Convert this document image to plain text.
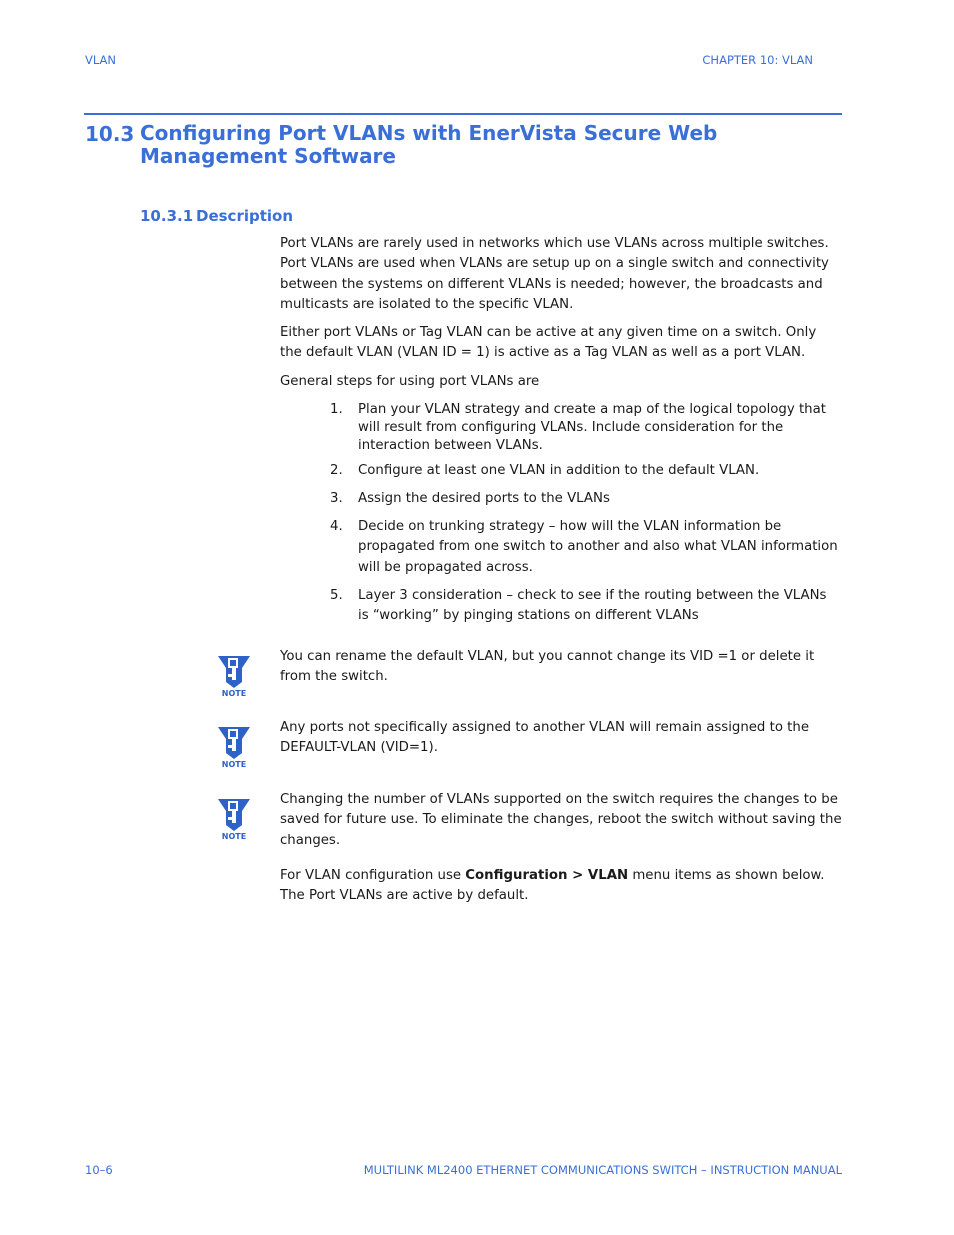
VLAN	CHAPTER 10: VLAN
10.3 Configuring Port VLANs with EnerVista Secure Web Management Software
10.3.1 Description
Port VLANs are rarely used in networks which use VLANs across multiple switches. Port VLANs are used when VLANs are setup up on a single switch and connectivity between the systems on different VLANs is needed; however, the broadcasts and multicasts are isolated to the specific VLAN.
Either port VLANs or Tag VLAN can be active at any given time on a switch. Only the default VLAN (VLAN ID = 1) is active as a Tag VLAN as well as a port VLAN.
General steps for using port VLANs are
1. Plan your VLAN strategy and create a map of the logical topology that will result from configuring VLANs. Include consideration for the interaction between VLANs.
2. Configure at least one VLAN in addition to the default VLAN.
3. Assign the desired ports to the VLANs
4. Decide on trunking strategy – how will the VLAN information be propagated from one switch to another and also what VLAN information will be propagated across.
5. Layer 3 consideration – check to see if the routing between the VLANs is “working” by pinging stations on different VLANs
NOTE
You can rename the default VLAN, but you cannot change its VID =1 or delete it from the switch.
NOTE
Any ports not specifically assigned to another VLAN will remain assigned to the DEFAULT-VLAN (VID=1).
NOTE
Changing the number of VLANs supported on the switch requires the changes to be saved for future use. To eliminate the changes, reboot the switch without saving the changes.
For VLAN configuration use Configuration > VLAN menu items as shown below. The Port VLANs are active by default.
10–6	MULTILINK ML2400 ETHERNET COMMUNICATIONS SWITCH – INSTRUCTION MANUAL
